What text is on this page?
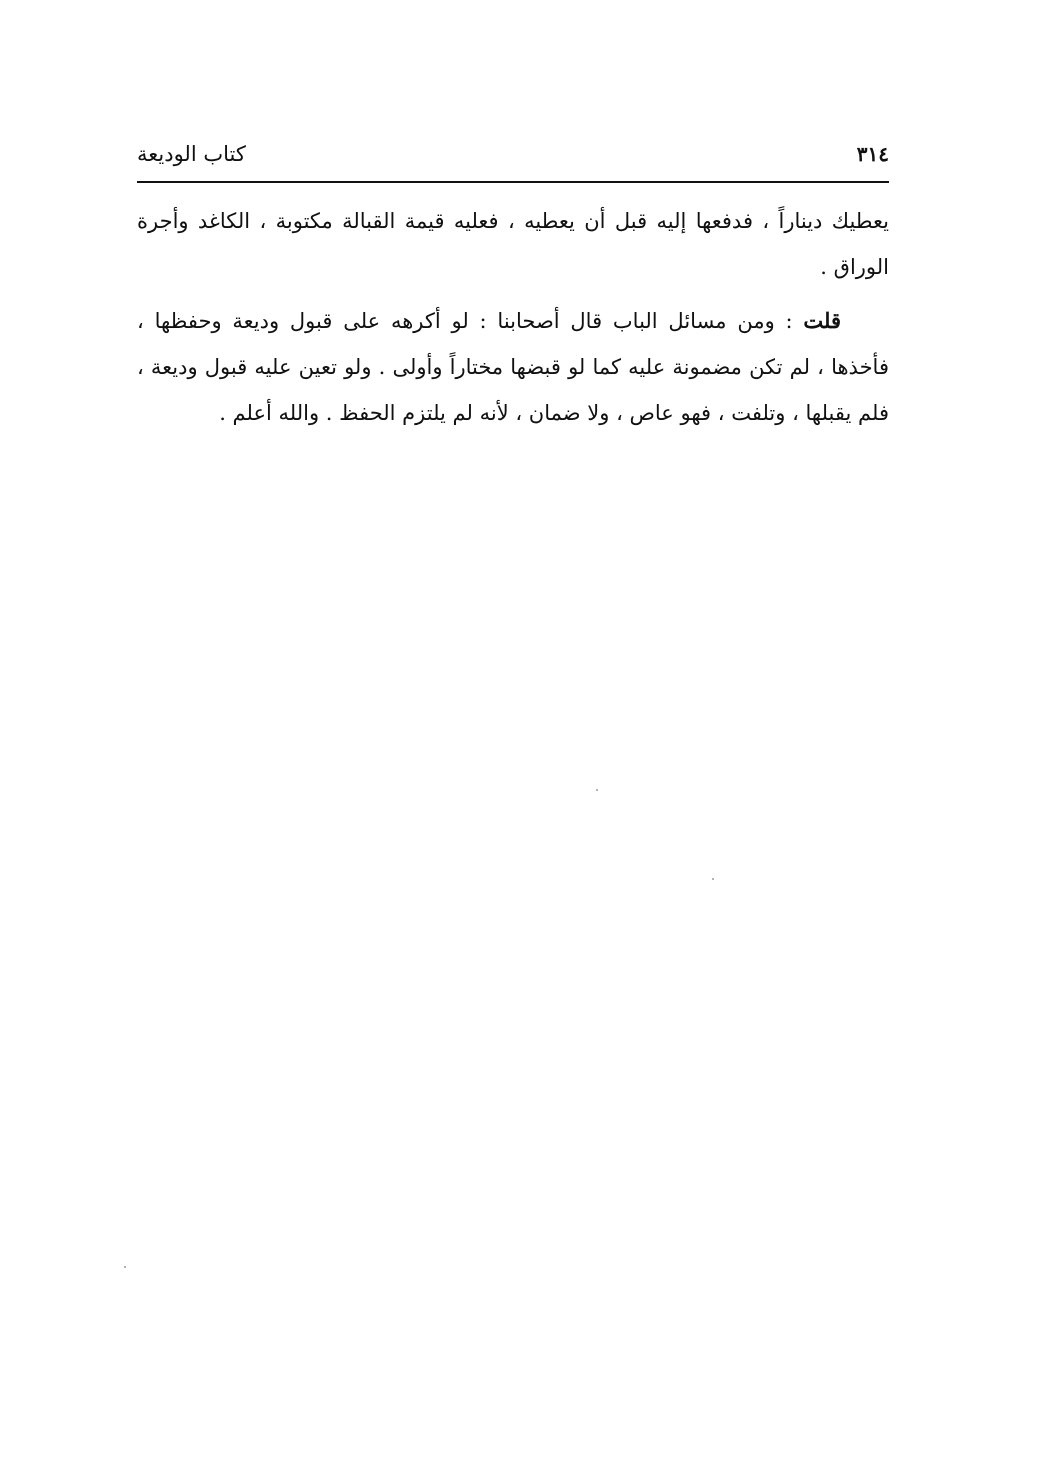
٣١٤
كتاب الوديعة

يعطيك ديناراً ، فدفعها إليه قبل أن يعطيه ، فعليه قيمة القبالة مكتوبة ، الكاغد وأجرة الوراق .

قلت : ومن مسائل الباب قال أصحابنا : لو أكرهه على قبول وديعة وحفظها ، فأخذها ، لم تكن مضمونة عليه كما لو قبضها مختاراً وأولى . ولو تعين عليه قبول وديعة ، فلم يقبلها ، وتلفت ، فهو عاص ، ولا ضمان ، لأنه لم يلتزم الحفظ . والله أعلم .
